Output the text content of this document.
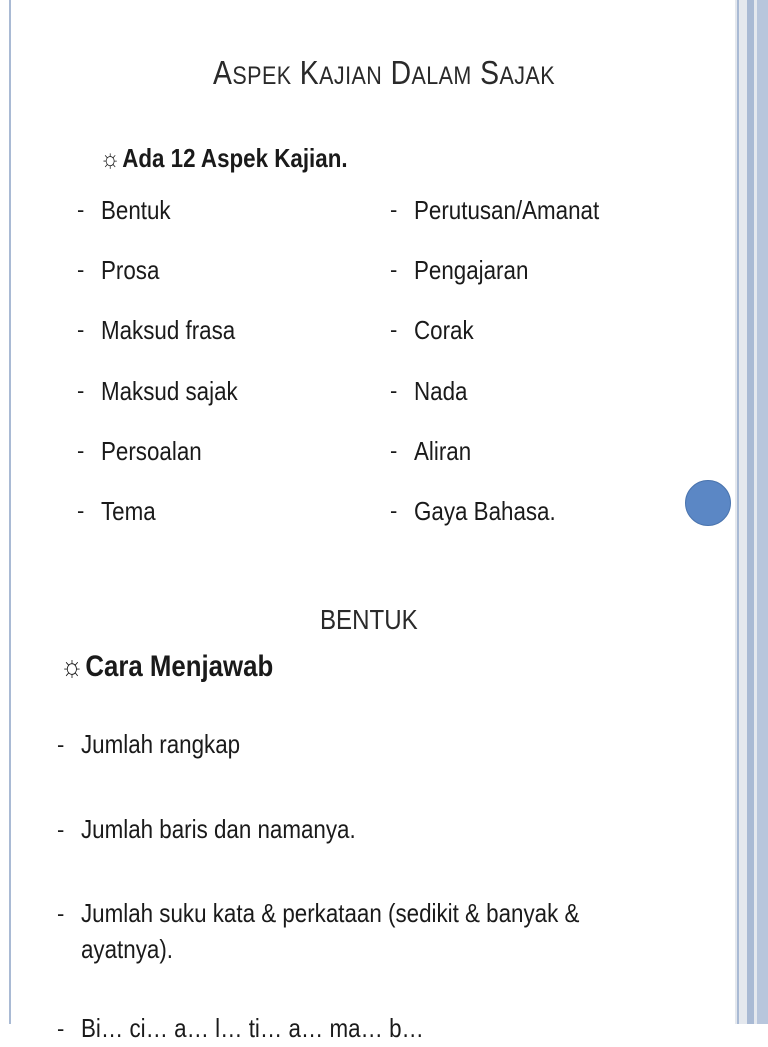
ASPEK KAJIAN DALAM SAJAK
☼Ada 12 Aspek Kajian.
- Bentuk
- Prosa
- Maksud frasa
- Maksud sajak
- Persoalan
- Tema
- Perutusan/Amanat
- Pengajaran
- Corak
- Nada
- Aliran
- Gaya Bahasa.
BENTUK
☼Cara Menjawab
- Jumlah rangkap
- Jumlah baris dan namanya.
- Jumlah suku kata & perkataan (sedikit & banyak & ayatnya).
- Bi… ci… a… l… ti… a… ma… b…
